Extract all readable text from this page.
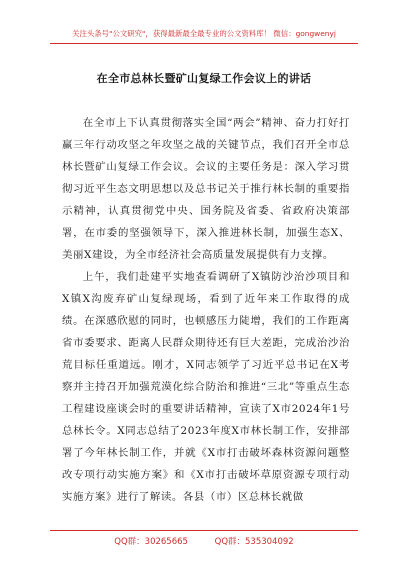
关注头条号"公文研究"，获得最新最全最专业的公文资料库！ 微信：gongwenyj
在全市总林长暨矿山复绿工作会议上的讲话

在全市上下认真贯彻落实全国“两会”精神、奋力打好打赢三年行动攻坚之年攻坚之战的关键节点，我们召开全市总林长暨矿山复绿工作会议。会议的主要任务是：深入学习贯彻习近平生态文明思想以及总书记关于推行林长制的重要指示精神，认真贯彻党中央、国务院及省委、省政府决策部署，在市委的坚强领导下，深入推进林长制，加强生态X、美丽X建设，为全市经济社会高质量发展提供有力支撑。

上午，我们赴建平实地查看调研了X镇防沙治沙项目和X镇X沟废弃矿山复绿现场，看到了近年来工作取得的成绩。在深感欣慰的同时，也顿感压力陡增，我们的工作距离省市委要求、距离人民群众期待还有巨大差距，完成治沙治荒目标任重道远。刚才，X同志领学了习近平总书记在X考察并主持召开加强荒漠化综合防治和推进“三北”等重点生态工程建设座谈会时的重要讲话精神，宣读了X市2024年1号总林长令。X同志总结了2023年度X市林长制工作，安排部署了今年林长制工作，并就《X市打击破坏森林资源问题整改专项行动实施方案》和《X市打击破坏草原资源专项行动实施方案》进行了解读。各县（市）区总林长就做

QQ群：30265665	QQ群：535304092
